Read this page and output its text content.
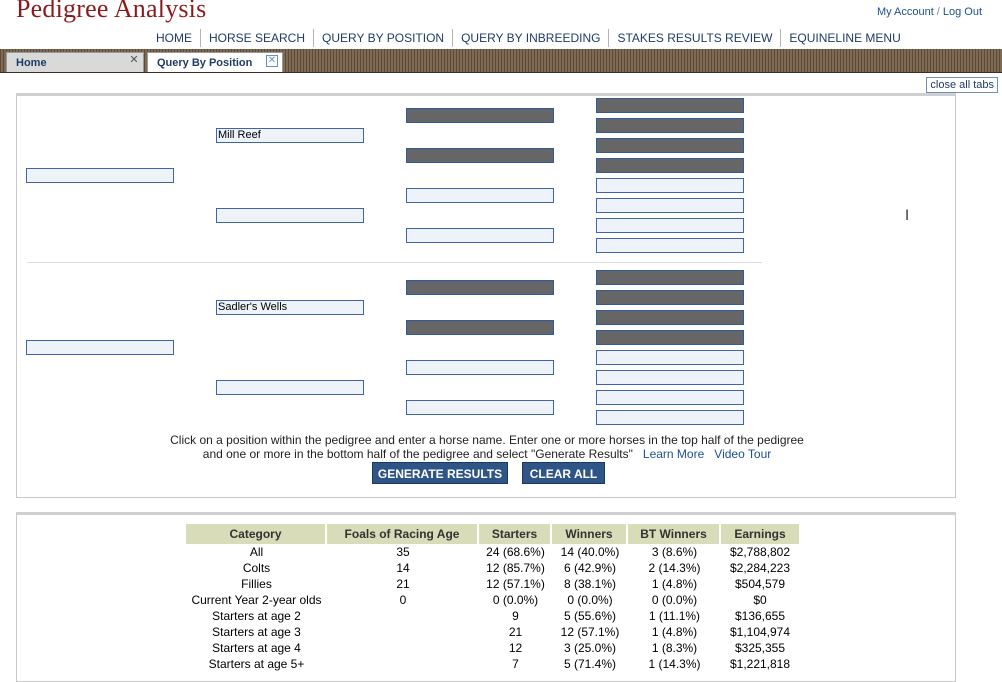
Pedigree Analysis	My Account / Log Out
HOME	HORSE SEARCH	QUERY BY POSITION	QUERY BY INBREEDING	STAKES RESULTS REVIEW	EQUINELINE MENU
Home	✕ Query By Position ✕
close all tabs
Mill Reef
Sadler's Wells
Click on a position within the pedigree and enter a horse name. Enter one or more horses in the top half of the pedigree
and one or more in the bottom half of the pedigree and select "Generate Results" Learn More Video Tour
GENERATE RESULTS	CLEAR ALL
Category	Foals of Racing Age	Starters	Winners	BT Winners	Earnings
All	35	24 (68.6%)	14 (40.0%)	3 (8.6%)	$2,788,802
Colts	14	12 (85.7%)	6 (42.9%)	2 (14.3%)	$2,284,223
Fillies	21	12 (57.1%)	8 (38.1%)	1 (4.8%)	$504,579
Current Year 2-year olds	0	0 (0.0%)	0 (0.0%)	0 (0.0%)	$0
Starters at age 2		9	5 (55.6%)	1 (11.1%)	$136,655
Starters at age 3		21	12 (57.1%)	1 (4.8%)	$1,104,974
Starters at age 4		12	3 (25.0%)	1 (8.3%)	$325,355
Starters at age 5+		7	5 (71.4%)	1 (14.3%)	$1,221,818
I
